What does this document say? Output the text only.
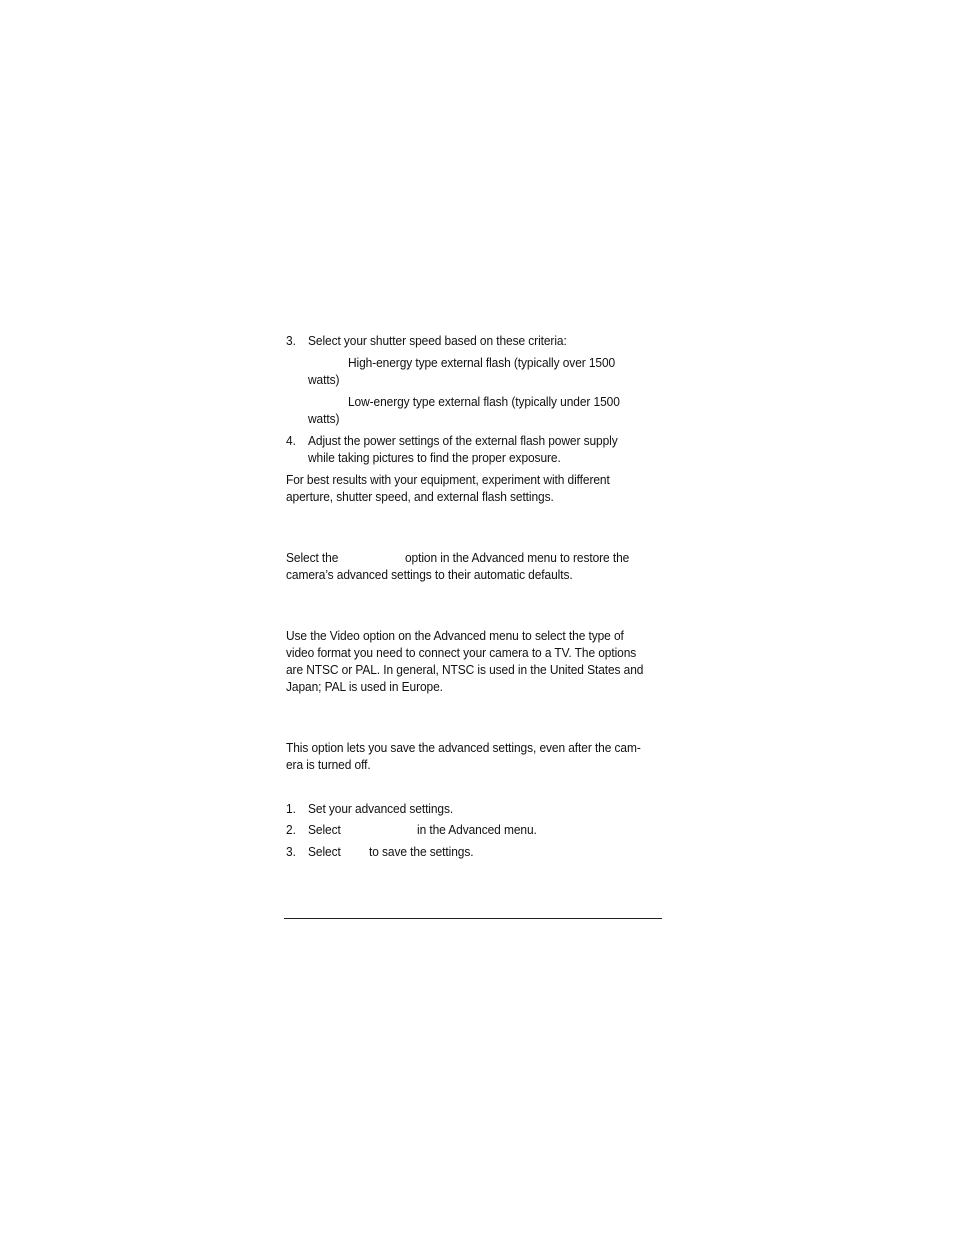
3. Select your shutter speed based on these criteria:
High-energy type external flash (typically over 1500
watts)
Low-energy type external flash (typically under 1500
watts)
4. Adjust the power settings of the external flash power supply
while taking pictures to find the proper exposure.
For best results with your equipment, experiment with different
aperture, shutter speed, and external flash settings.
Select the	option in the Advanced menu to restore the
camera’s advanced settings to their automatic defaults.
Use the Video option on the Advanced menu to select the type of
video format you need to connect your camera to a TV. The options
are NTSC or PAL. In general, NTSC is used in the United States and
Japan; PAL is used in Europe.
This option lets you save the advanced settings, even after the cam-
era is turned off.
1. Set your advanced settings.
2. Select	in the Advanced menu.
3. Select to save the settings.
